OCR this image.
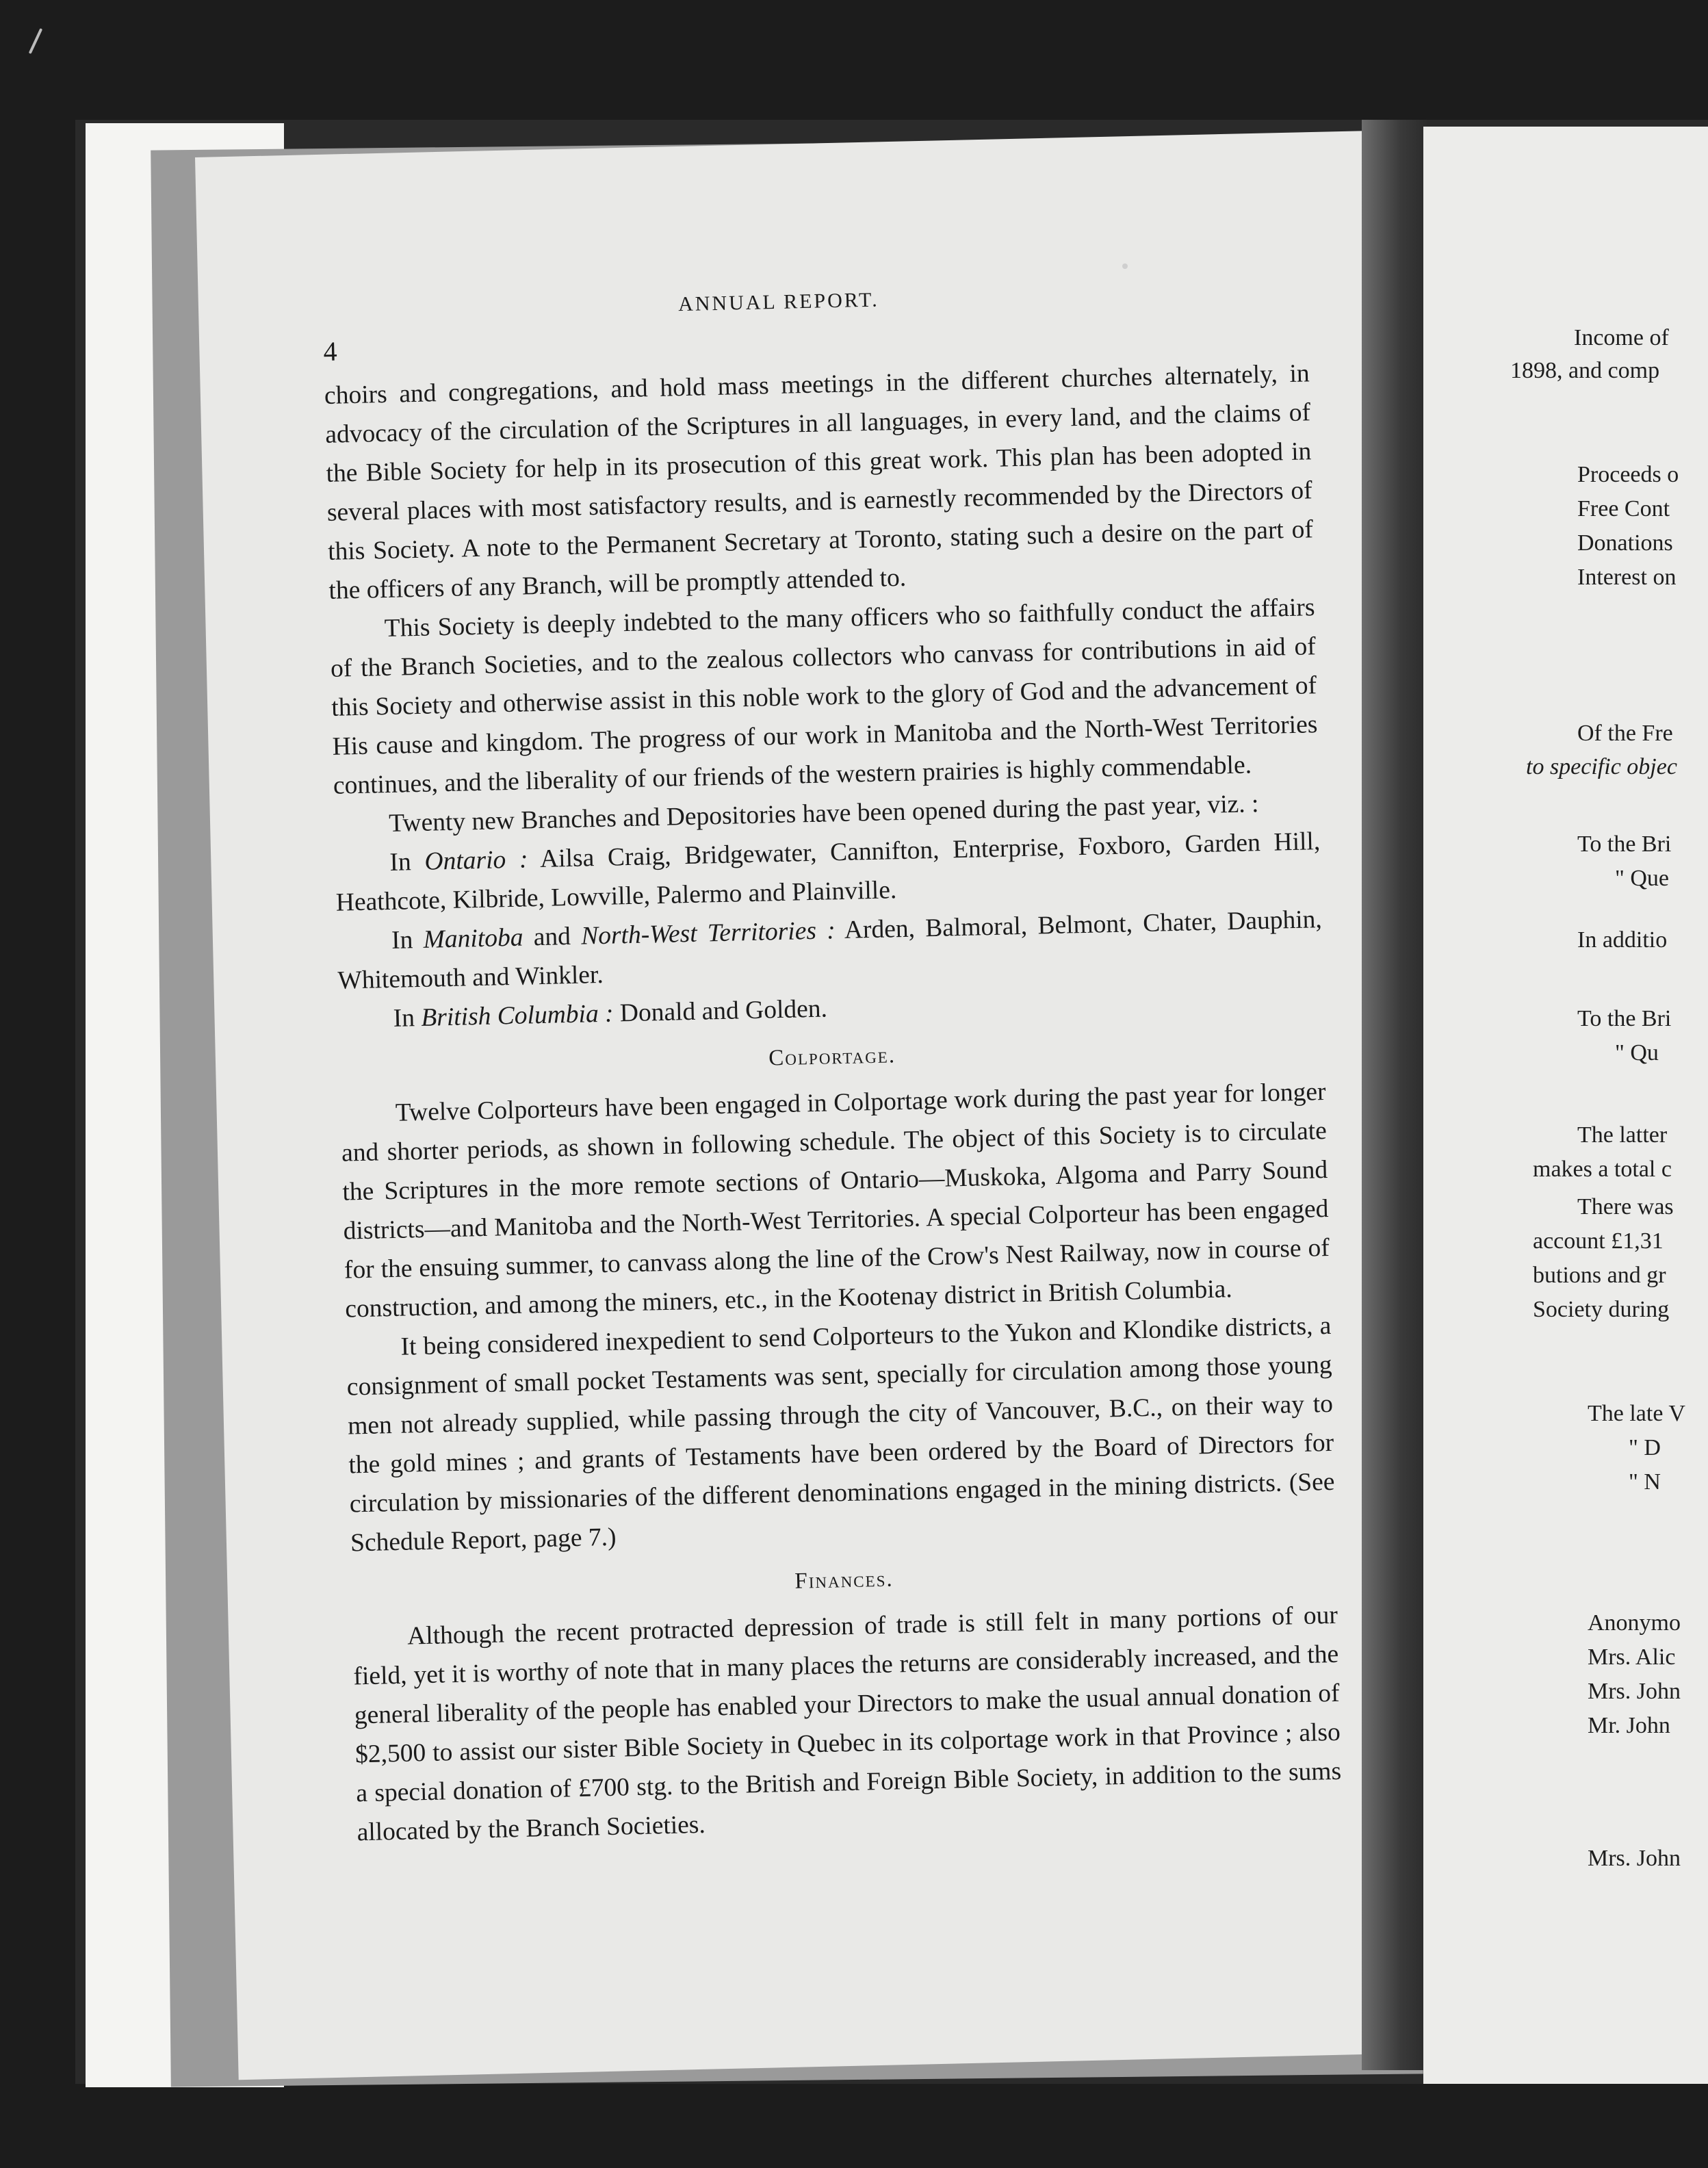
Income of
1898, and comp
Proceeds o
Free Cont
Donations
Interest on
Of the Fre
to specific objec
To the Bri
" Que
In additio
To the Bri
" Qu
The latter
makes a total c
There was
account £1,31
butions and gr
Society during
The late V
" D
" N
Anonymo
Mrs. Alic
Mrs. John
Mr. John
Mrs. John
ANNUAL REPORT.
4

choirs and congregations, and hold mass meetings in the different churches alternately, in advocacy of the circulation of the Scriptures in all languages, in every land, and the claims of the Bible Society for help in its prosecution of this great work. This plan has been adopted in several places with most satisfactory results, and is earnestly recommended by the Directors of this Society. A note to the Permanent Secretary at Toronto, stating such a desire on the part of the officers of any Branch, will be promptly attended to.

This Society is deeply indebted to the many officers who so faithfully conduct the affairs of the Branch Societies, and to the zealous collectors who canvass for contributions in aid of this Society and otherwise assist in this noble work to the glory of God and the advancement of His cause and kingdom. The progress of our work in Manitoba and the North-West Territories continues, and the liberality of our friends of the western prairies is highly commendable.

Twenty new Branches and Depositories have been opened during the past year, viz. :

In Ontario : Ailsa Craig, Bridgewater, Cannifton, Enterprise, Foxboro, Garden Hill, Heathcote, Kilbride, Lowville, Palermo and Plainville.

In Manitoba and North-West Territories : Arden, Balmoral, Belmont, Chater, Dauphin, Whitemouth and Winkler.

In British Columbia : Donald and Golden.

Colportage.

Twelve Colporteurs have been engaged in Colportage work during the past year for longer and shorter periods, as shown in following schedule. The object of this Society is to circulate the Scriptures in the more remote sections of Ontario—Muskoka, Algoma and Parry Sound districts—and Manitoba and the North-West Territories. A special Colporteur has been engaged for the ensuing summer, to canvass along the line of the Crow's Nest Railway, now in course of construction, and among the miners, etc., in the Kootenay district in British Columbia.

It being considered inexpedient to send Colporteurs to the Yukon and Klondike districts, a consignment of small pocket Testaments was sent, specially for circulation among those young men not already supplied, while passing through the city of Vancouver, B.C., on their way to the gold mines ; and grants of Testaments have been ordered by the Board of Directors for circulation by missionaries of the different denominations engaged in the mining districts. (See Schedule Report, page 7.)

Finances.

Although the recent protracted depression of trade is still felt in many portions of our field, yet it is worthy of note that in many places the returns are considerably increased, and the general liberality of the people has enabled your Directors to make the usual annual donation of $2,500 to assist our sister Bible Society in Quebec in its colportage work in that Province ; also a special donation of £700 stg. to the British and Foreign Bible Society, in addition to the sums allocated by the Branch Societies.
